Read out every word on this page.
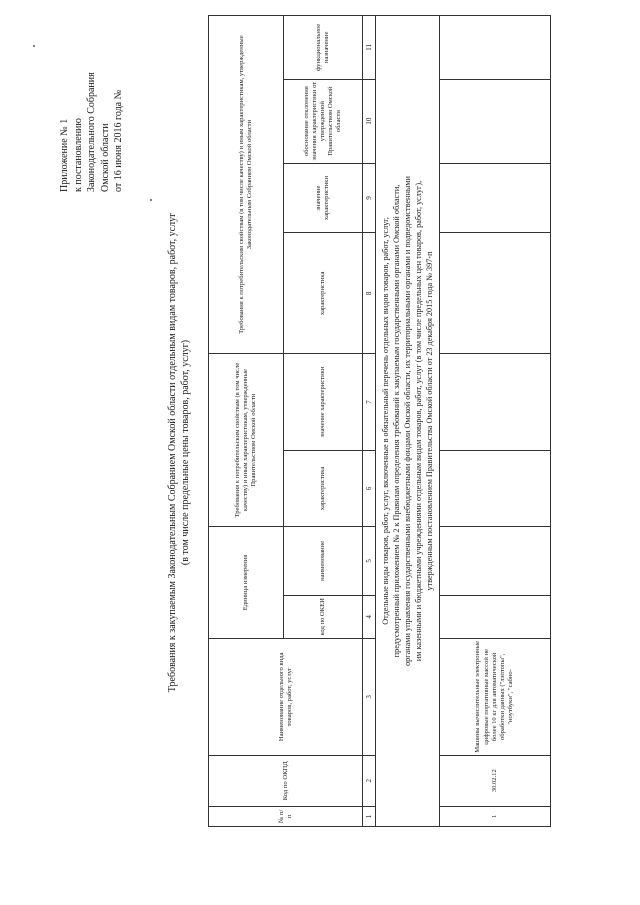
Приложение № 1 к постановлению Законодательного Собрания Омской области от 16 июня 2016 года №
Требования к закупаемым Законодательным Собранием Омской области отдельным видам товаров, работ, услуг (в том числе предельные цены товаров, работ, услуг)
№ п/п	Код по ОКПД	Наименование отдельного вида товаров, работ, услуг	Единица измерения		Требования к потребительским свойствам (в том числе качеству) и иным характеристикам, утвержденные Правительством Омской области		Требования к потребительским свойствам (в том числе качеству) и иным характеристикам, утвержденные Законодательным Собранием Омской области			
			код по ОКЕИ	наименование	характеристика	значение характеристики	характеристика	значение характеристики	обоснование отклонения значения характеристики от утвержденной Правительством Омской области	функциональное назначение
1	2	3	4	5	6	7	8	9	10	11

Отдельные виды товаров, работ, услуг, включенные в обязательный перечень отдельных видов товаров, работ, услуг, предусмотренный приложением № 2 к Правилам определения требований к закупаемым государственными органами Омской области, органами управления государственными внебюджетными фондами Омской области, их территориальными органами и подведомственными им казенными и бюджетными учреждениями отдельным видам товаров, работ, услуг (в том числе предельных цен товаров, работ, услуг), утвержденным постановлением Правительства Омской области от 23 декабря 2015 года № 397-п										

1	30.02.12	Машины вычислительные электронные цифровые портативные массой не более 10 кг для автоматической обработки данных ("лэптопы", "ноутбуки", "сабно-								
